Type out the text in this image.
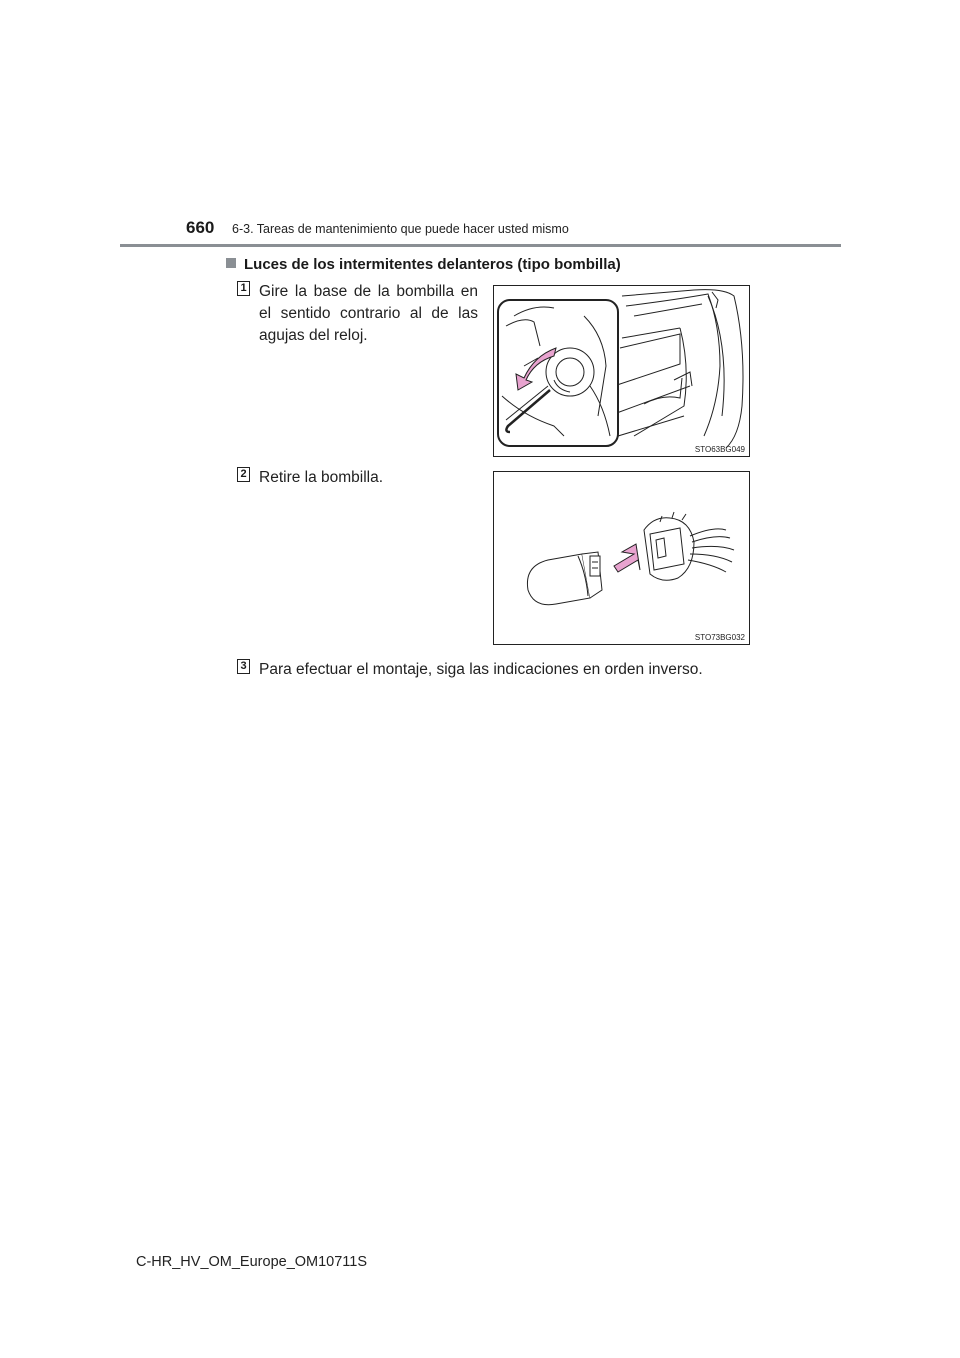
660 6-3. Tareas de mantenimiento que puede hacer usted mismo
Luces de los intermitentes delanteros (tipo bombilla)
1 Gire la base de la bombilla en el sentido contrario al de las agujas del reloj.
STO63BG049
2 Retire la bombilla.
STO73BG032
3 Para efectuar el montaje, siga las indicaciones en orden inverso.
C-HR_HV_OM_Europe_OM10711S
